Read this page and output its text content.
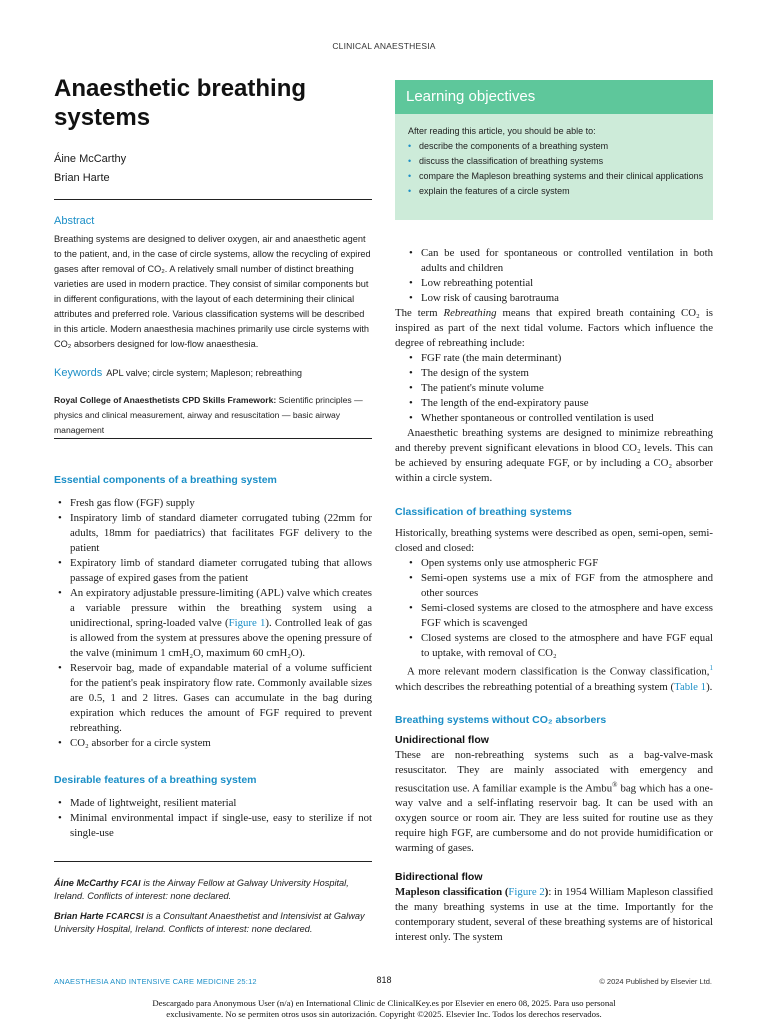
CLINICAL ANAESTHESIA
Anaesthetic breathing systems
Áine McCarthy
Brian Harte
Learning objectives
After reading this article, you should be able to:
• describe the components of a breathing system
• discuss the classification of breathing systems
• compare the Mapleson breathing systems and their clinical applications
• explain the features of a circle system
Abstract
Breathing systems are designed to deliver oxygen, air and anaesthetic agent to the patient, and, in the case of circle systems, allow the recycling of expired gases after removal of CO₂. A relatively small number of distinct breathing varieties are used in modern practice. They consist of similar components but in different configurations, with the layout of each determining their clinical attributes and preferred role. Various classification systems will be described in this article. Modern anaesthesia machines primarily use circle systems with CO₂ absorbers designed for low-flow anaesthesia.
Keywords APL valve; circle system; Mapleson; rebreathing
Royal College of Anaesthetists CPD Skills Framework: Scientific principles — physics and clinical measurement, airway and resuscitation — basic airway management
Essential components of a breathing system
• Fresh gas flow (FGF) supply
• Inspiratory limb of standard diameter corrugated tubing (22mm for adults, 18mm for paediatrics) that facilitates FGF delivery to the patient
• Expiratory limb of standard diameter corrugated tubing that allows passage of expired gases from the patient
• An expiratory adjustable pressure-limiting (APL) valve which creates a variable pressure within the breathing system using a unidirectional, spring-loaded valve (Figure 1). Controlled leak of gas is allowed from the system at pressures above the opening pressure of the valve (minimum 1 cmH₂O, maximum 60 cmH₂O).
• Reservoir bag, made of expandable material of a volume sufficient for the patient's peak inspiratory flow rate. Commonly available sizes are 0.5, 1 and 2 litres. Gases can accumulate in the bag during expiration which reduces the amount of FGF required to prevent rebreathing.
• CO₂ absorber for a circle system
Desirable features of a breathing system
• Made of lightweight, resilient material
• Minimal environmental impact if single-use, easy to sterilize if not single-use
Áine McCarthy FCAI is the Airway Fellow at Galway University Hospital, Ireland. Conflicts of interest: none declared.
Brian Harte FCARCSI is a Consultant Anaesthetist and Intensivist at Galway University Hospital, Ireland. Conflicts of interest: none declared.
• Can be used for spontaneous or controlled ventilation in both adults and children
• Low rebreathing potential
• Low risk of causing barotrauma
The term Rebreathing means that expired breath containing CO₂ is inspired as part of the next tidal volume. Factors which influence the degree of rebreathing include:
• FGF rate (the main determinant)
• The design of the system
• The patient's minute volume
• The length of the end-expiratory pause
• Whether spontaneous or controlled ventilation is used
Anaesthetic breathing systems are designed to minimize rebreathing and thereby prevent significant elevations in blood CO₂ levels. This can be achieved by ensuring adequate FGF, or by including a CO₂ absorber within a circle system.
Classification of breathing systems
Historically, breathing systems were described as open, semi-open, semi-closed and closed:
• Open systems only use atmospheric FGF
• Semi-open systems use a mix of FGF from the atmosphere and other sources
• Semi-closed systems are closed to the atmosphere and have excess FGF which is scavenged
• Closed systems are closed to the atmosphere and have FGF equal to uptake, with removal of CO₂
A more relevant modern classification is the Conway classification,$^1$ which describes the rebreathing potential of a breathing system (Table 1).
Breathing systems without CO₂ absorbers
Unidirectional flow
These are non-rebreathing systems such as a bag-valve-mask resuscitator. They are mainly associated with emergency and resuscitation use. A familiar example is the Ambu® bag which has a one-way valve and a self-inflating reservoir bag. It can be used with an oxygen source or room air. They are less suited for routine use as they require high FGF, are cumbersome and do not provide humidification or warming of gases.
Bidirectional flow
Mapleson classification (Figure 2): in 1954 William Mapleson classified the many breathing systems in use at the time. Importantly for the contemporary student, several of these breathing systems are of historical interest only. The system
ANAESTHESIA AND INTENSIVE CARE MEDICINE 25:12	818	© 2024 Published by Elsevier Ltd.
Descargado para Anonymous User (n/a) en International Clinic de ClinicalKey.es por Elsevier en enero 08, 2025. Para uso personal
exclusivamente. No se permiten otros usos sin autorización. Copyright ©2025. Elsevier Inc. Todos los derechos reservados.
